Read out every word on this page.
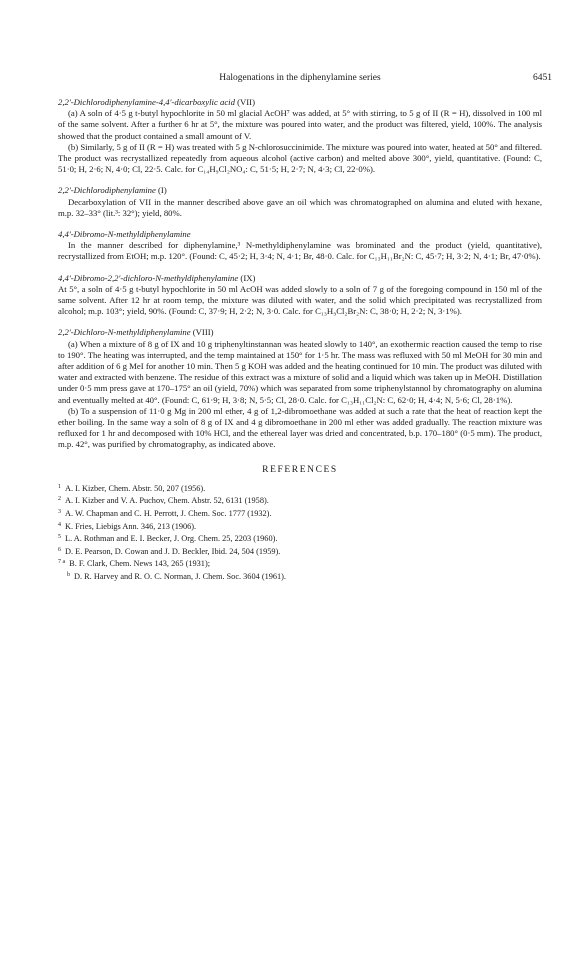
Halogenations in the diphenylamine series	6451
2,2′-Dichlorodiphenylamine-4,4′-dicarboxylic acid (VII)

(a) A soln of 4·5 g t-butyl hypochlorite in 50 ml glacial AcOH⁷ was added, at 5° with stirring, to 5 g of II (R = H), dissolved in 100 ml of the same solvent. After a further 6 hr at 5°, the mixture was poured into water, and the product was filtered, yield, 100%. The analysis showed that the product contained a small amount of V.

(b) Similarly, 5 g of II (R = H) was treated with 5 g N-chlorosuccinimide. The mixture was poured into water, heated at 50° and filtered. The product was recrystallized repeatedly from aqueous alcohol (active carbon) and melted above 300°, yield, quantitative. (Found: C, 51·0; H, 2·6; N, 4·0; Cl, 22·5. Calc. for C₁₄H₉Cl₂NO₄: C, 51·5; H, 2·7; N, 4·3; Cl, 22·0%).

2,2′-Dichlorodiphenylamine (I)

Decarboxylation of VII in the manner described above gave an oil which was chromatographed on alumina and eluted with hexane, m.p. 32–33° (lit.³: 32°); yield, 80%.

4,4′-Dibromo-N-methyldiphenylamine

In the manner described for diphenylamine,³ N-methyldiphenylamine was brominated and the product (yield, quantitative), recrystallized from EtOH; m.p. 120°. (Found: C, 45·2; H, 3·4; N, 4·1; Br, 48·0. Calc. for C₁₃H₁₁Br₂N: C, 45·7; H, 3·2; N, 4·1; Br, 47·0%).

4,4′-Dibromo-2,2′-dichloro-N-methyldiphenylamine (IX)

At 5°, a soln of 4·5 g t-butyl hypochlorite in 50 ml AcOH was added slowly to a soln of 7 g of the foregoing compound in 150 ml of the same solvent. After 12 hr at room temp, the mixture was diluted with water, and the solid which precipitated was recrystallized from alcohol; m.p. 103°; yield, 90%. (Found: C, 37·9; H, 2·2; N, 3·0. Calc. for C₁₃H₉Cl₂Br₂N: C, 38·0; H, 2·2; N, 3·1%).

2,2′-Dichloro-N-methyldiphenylamine (VIII)

(a) When a mixture of 8 g of IX and 10 g triphenyltinstannan was heated slowly to 140°, an exothermic reaction caused the temp to rise to 190°. The heating was interrupted, and the temp maintained at 150° for 1·5 hr. The mass was refluxed with 50 ml MeOH for 30 min and after addition of 6 g MeI for another 10 min. Then 5 g KOH was added and the heating continued for 10 min. The product was diluted with water and extracted with benzene. The residue of this extract was a mixture of solid and a liquid which was taken up in MeOH. Distillation under 0·5 mm press gave at 170–175° an oil (yield, 70%) which was separated from some triphenylstannol by chromatography on alumina and eventually melted at 40°. (Found: C, 61·9; H, 3·8; N, 5·5; Cl, 28·0. Calc. for C₁₃H₁₁Cl₂N: C, 62·0; H, 4·4; N, 5·6; Cl, 28·1%).

(b) To a suspension of 11·0 g Mg in 200 ml ether, 4 g of 1,2-dibromoethane was added at such a rate that the heat of reaction kept the ether boiling. In the same way a soln of 8 g of IX and 4 g dibromoethane in 200 ml ether was added gradually. The reaction mixture was refluxed for 1 hr and decomposed with 10% HCl, and the ethereal layer was dried and concentrated, b.p. 170–180° (0·5 mm). The product, m.p. 42°, was purified by chromatography, as indicated above.

REFERENCES
$^1$ A. I. Kizber, Chem. Abstr. 50, 207 (1956).
$^2$ A. I. Kizber and V. A. Puchov, Chem. Abstr. 52, 6131 (1958).
$^3$ A. W. Chapman and C. H. Perrott, J. Chem. Soc. 1777 (1932).
$^4$ K. Fries, Liebigs Ann. 346, 213 (1906).
$^5$ L. A. Rothman and E. I. Becker, J. Org. Chem. 25, 2203 (1960).
$^6$ D. E. Pearson, D. Cowan and J. D. Beckler, Ibid. 24, 504 (1959).
$^{7 a}$ B. F. Clark, Chem. News 143, 265 (1931);
$^b$ D. R. Harvey and R. O. C. Norman, J. Chem. Soc. 3604 (1961).
